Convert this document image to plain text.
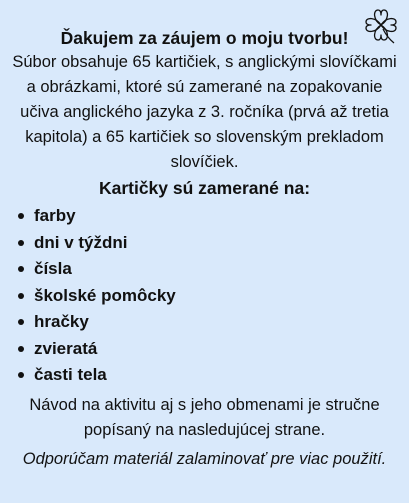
Ďakujem za záujem o moju tvorbu!

Súbor obsahuje 65 kartičiek, s anglickými slovíčkami a obrázkami, ktoré sú zamerané na zopakovanie učiva anglického jazyka z 3. ročníka (prvá až tretia kapitola) a 65 kartičiek so slovenským prekladom slovíčiek.

Kartičky sú zamerané na:

farby
dni v týždni
čísla
školské pomôcky
hračky
zvieratá
časti tela

Návod na aktivitu aj s jeho obmenami je stručne popísaný na nasledujúcej strane.

Odporúčam materiál zalaminovať pre viac použití.
